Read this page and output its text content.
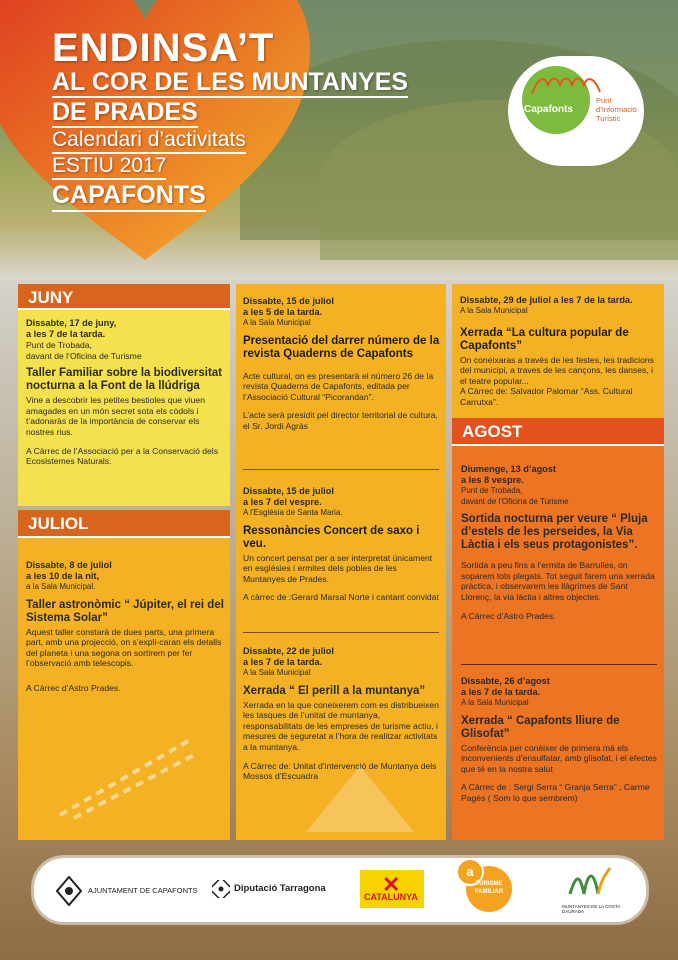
ENDINSA’T
AL COR DE LES MUNTANYES
DE PRADES
Calendari d’activitats
ESTIU 2017
CAPAFONTS
Capafonts
Punt d’Informació Turístic
JUNY
Dissabte, 17 de juny,
a les 7 de la tarda.
Punt de Trobada,
davant de l’Oficina de Turisme
Taller Familiar sobre la biodiversitat nocturna a la Font de la llúdriga
Vine a descobrir les petites bestioles que viuen amagades en un món secret sota els còdols i t’adonaràs de la importància de conservar els nostres rius.
A Càrrec de l’Associació per a la Conservació dels Ecosistemes Naturals.
JULIOL
Dissabte, 8 de juliol
a les 10 de la nit,
a la Sala Municipal.
Taller astronòmic “ Júpiter, el rei del Sistema Solar”
Aquest taller constarà de dues parts, una primera part, amb una projecció, on s’expli-caran els detalls del planeta i una segona on sortirem per fer l’observació amb telescopis.
A Càrrec d’Astro Prades.
Dissabte, 15 de juliol
a les 5 de la tarda.
A la Sala Municipal
Presentació del darrer número de la revista Quaderns de Capafonts
Acte cultural, on es presentarà el número 26 de la revista Quaderns de Capafonts, editada per l’Associació Cultural “Picorandan”.
L’acte serà presidit pel director territorial de cultura, el Sr. Jordi Agràs
Dissabte, 15 de juliol
a les 7 del vespre.
A l’Església de Santa Maria.
Ressonàncies Concert de saxo i veu.
Un concert pensat per a ser interpretat únicament en esglésies i ermites dels pobles de les Muntanyes de Prades.
A càrrec de :Gerard Marsal Norte i cantant convidat
Dissabte, 22 de juliol
a les 7 de la tarda.
A la Sala Municipal
Xerrada “ El perill a la muntanya”
Xerrada en la que coneixerem com es distribueixen les tasques de l’unitat de muntanya, responsabilitats de les empreses de turisme actiu, i mesures de seguretat a l’hora de realitzar activitats a la muntanya.
A Càrrec de: Unitat d’intervenció de Muntanya dels Mossos d’Escuadra
Dissabte, 29 de juliol a les 7 de la tarda.
A la Sala Municipal
Xerrada “La cultura popular de Capafonts”
On coneixaras a través de les festes, les tradicions del municipi, a traves de les cançons, les danses, i el teatre popular...
A Càrrec de: Salvador Palomar “Ass. Cultural Carrutxa”.
AGOST
Diumenge, 13 d’agost
a les 8 vespre.
Punt de Trobada,
davant de l’Oficina de Turisme
Sortida nocturna per veure “ Pluja d’estels de les perseides, la Via Làctia i els seus protagonistes”.
Sortida a peu fins a l’ermita de Barrulles, on soparem tots plegats. Tot seguit farem una xerrada pràctica, i observarem les llàgrimes de Sant Llorenç, la via làctia i altres objectes.
A Càrrec d’Astro Prades.
Dissabte, 26 d’agost
a les 7 de la tarda.
A la Sala Municipal
Xerrada “ Capafonts lliure de Glisofat”
Conferència per conèixer de primera mà els inconvenients d’ensulfatar, amb glisofat, i el efectes que té en la nostra salut
A Càrrec de : Sergi Serra “ Granja Serra” , Carme Pagès ( Som lo que sembrem)
AJUNTAMENT DE CAPAFONTS	Diputació Tarragona	✕
CATALUNYA
a
TURISME FAMILIAR
MUNTANYES DE LA COSTA DAURADA
